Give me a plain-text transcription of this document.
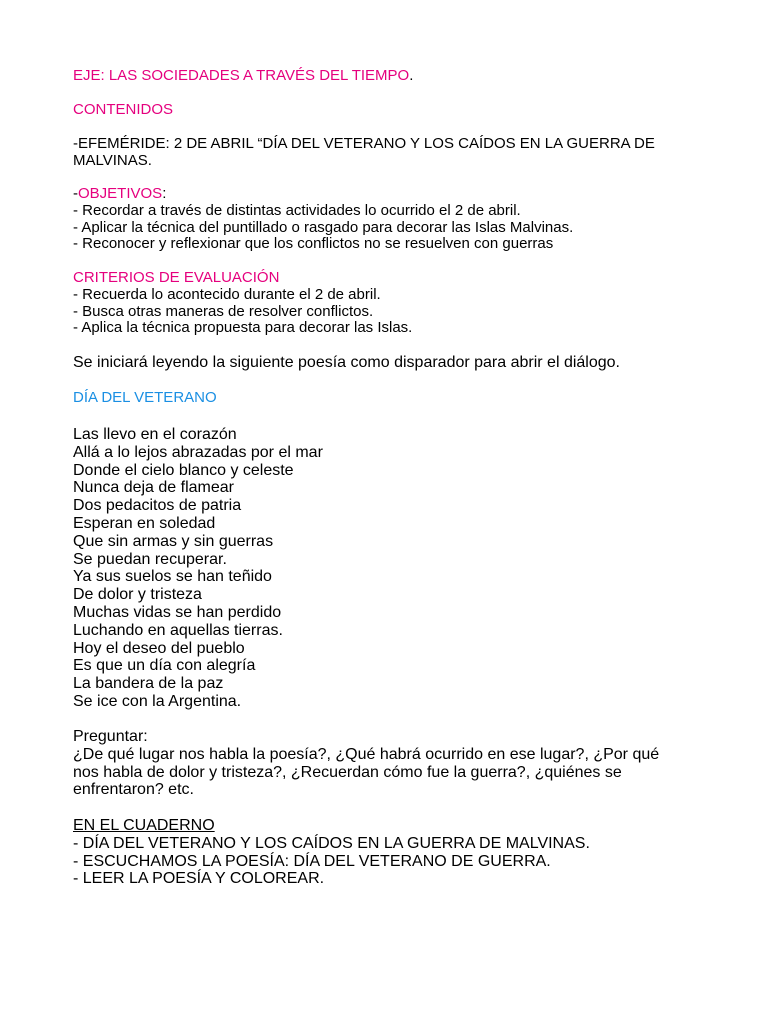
EJE: LAS SOCIEDADES A TRAVÉS DEL TIEMPO.
CONTENIDOS
-EFEMÉRIDE: 2 DE ABRIL “DÍA DEL VETERANO Y LOS CAÍDOS EN LA GUERRA DE
MALVINAS.
-OBJETIVOS:
- Recordar a través de distintas actividades lo ocurrido el 2 de abril.
- Aplicar la técnica del puntillado o rasgado para decorar las Islas Malvinas.
- Reconocer y reflexionar que los conflictos no se resuelven con guerras
CRITERIOS DE EVALUACIÓN
- Recuerda lo acontecido durante el 2 de abril.
- Busca otras maneras de resolver conflictos.
- Aplica la técnica propuesta para decorar las Islas.
Se iniciará leyendo la siguiente poesía como disparador para abrir el diálogo.
DÍA DEL VETERANO
Las llevo en el corazón
Allá a lo lejos abrazadas por el mar
Donde el cielo blanco y celeste
Nunca deja de flamear
Dos pedacitos de patria
Esperan en soledad
Que sin armas y sin guerras
Se puedan recuperar.
Ya sus suelos se han teñido
De dolor y tristeza
Muchas vidas se han perdido
Luchando en aquellas tierras.
Hoy el deseo del pueblo
Es que un día con alegría
La bandera de la paz
Se ice con la Argentina.
Preguntar:
¿De qué lugar nos habla la poesía?, ¿Qué habrá ocurrido en ese lugar?, ¿Por qué
nos habla de dolor y tristeza?, ¿Recuerdan cómo fue la guerra?, ¿quiénes se
enfrentaron? etc.
EN EL CUADERNO
- DÍA DEL VETERANO Y LOS CAÍDOS EN LA GUERRA DE MALVINAS.
- ESCUCHAMOS LA POESÍA: DÍA DEL VETERANO DE GUERRA.
- LEER LA POESÍA Y COLOREAR.
